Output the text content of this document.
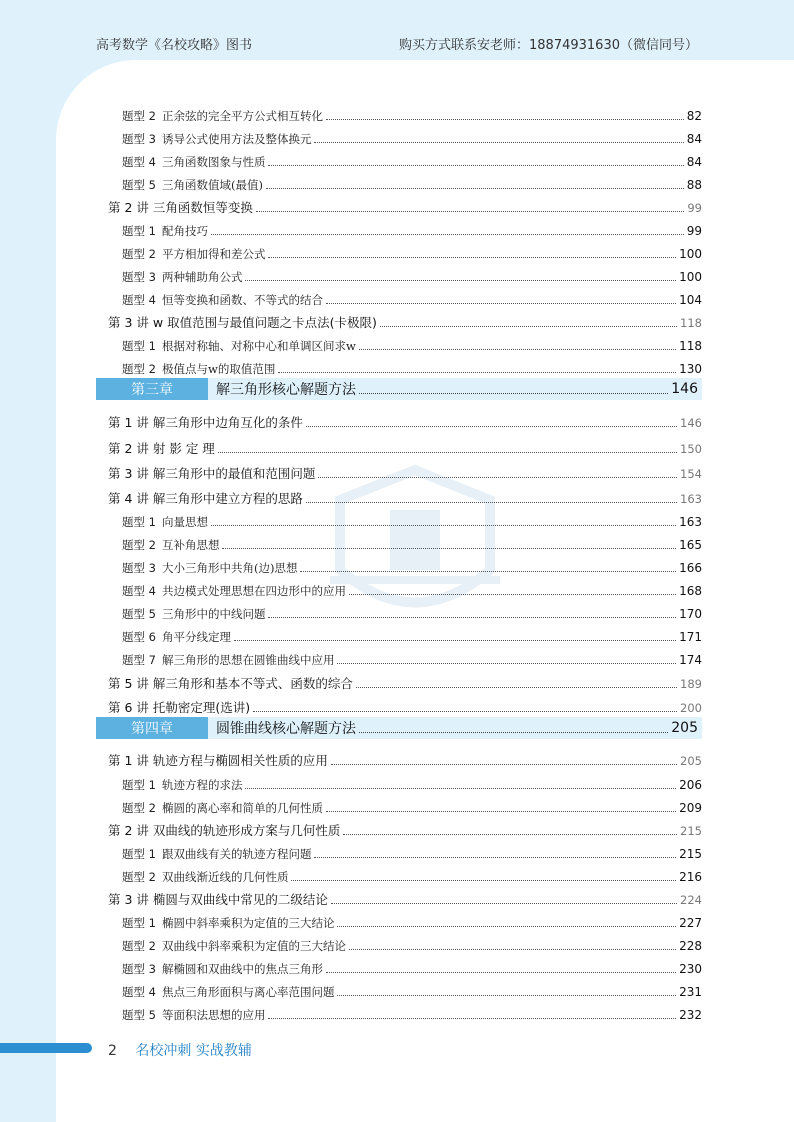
高考数学《名校攻略》图书	购买方式联系安老师：18874931630（微信同号）
题型 2 正余弦的完全平方公式相互转化	82
题型 3 诱导公式使用方法及整体换元	84
题型 4 三角函数图象与性质	84
题型 5 三角函数值域(最值)	88
第 2 讲 三角函数恒等变换	99
题型 1 配角技巧	99
题型 2 平方相加得和差公式	100
题型 3 两种辅助角公式	100
题型 4 恒等变换和函数、不等式的结合	104
第 3 讲 w 取值范围与最值问题之卡点法(卡极限)	118
题型 1 根据对称轴、对称中心和单调区间求w	118
题型 2 极值点与w的取值范围	130
第三章	解三角形核心解题方法	146
第 1 讲 解三角形中边角互化的条件	146
第 2 讲 射 影 定 理	150
第 3 讲 解三角形中的最值和范围问题	154
第 4 讲 解三角形中建立方程的思路	163
题型 1 向量思想	163
题型 2 互补角思想	165
题型 3 大小三角形中共角(边)思想	166
题型 4 共边模式处理思想在四边形中的应用	168
题型 5 三角形中的中线问题	170
题型 6 角平分线定理	171
题型 7 解三角形的思想在圆锥曲线中应用	174
第 5 讲 解三角形和基本不等式、函数的综合	189
第 6 讲 托勒密定理(选讲)	200
第四章	圆锥曲线核心解题方法	205
第 1 讲 轨迹方程与椭圆相关性质的应用	205
题型 1 轨迹方程的求法	206
题型 2 椭圆的离心率和简单的几何性质	209
第 2 讲 双曲线的轨迹形成方案与几何性质	215
题型 1 跟双曲线有关的轨迹方程问题	215
题型 2 双曲线渐近线的几何性质	216
第 3 讲 椭圆与双曲线中常见的二级结论	224
题型 1 椭圆中斜率乘积为定值的三大结论	227
题型 2 双曲线中斜率乘积为定值的三大结论	228
题型 3 解椭圆和双曲线中的焦点三角形	230
题型 4 焦点三角形面积与离心率范围问题	231
题型 5 等面积法思想的应用	232
2 名校冲刺 实战教辅
